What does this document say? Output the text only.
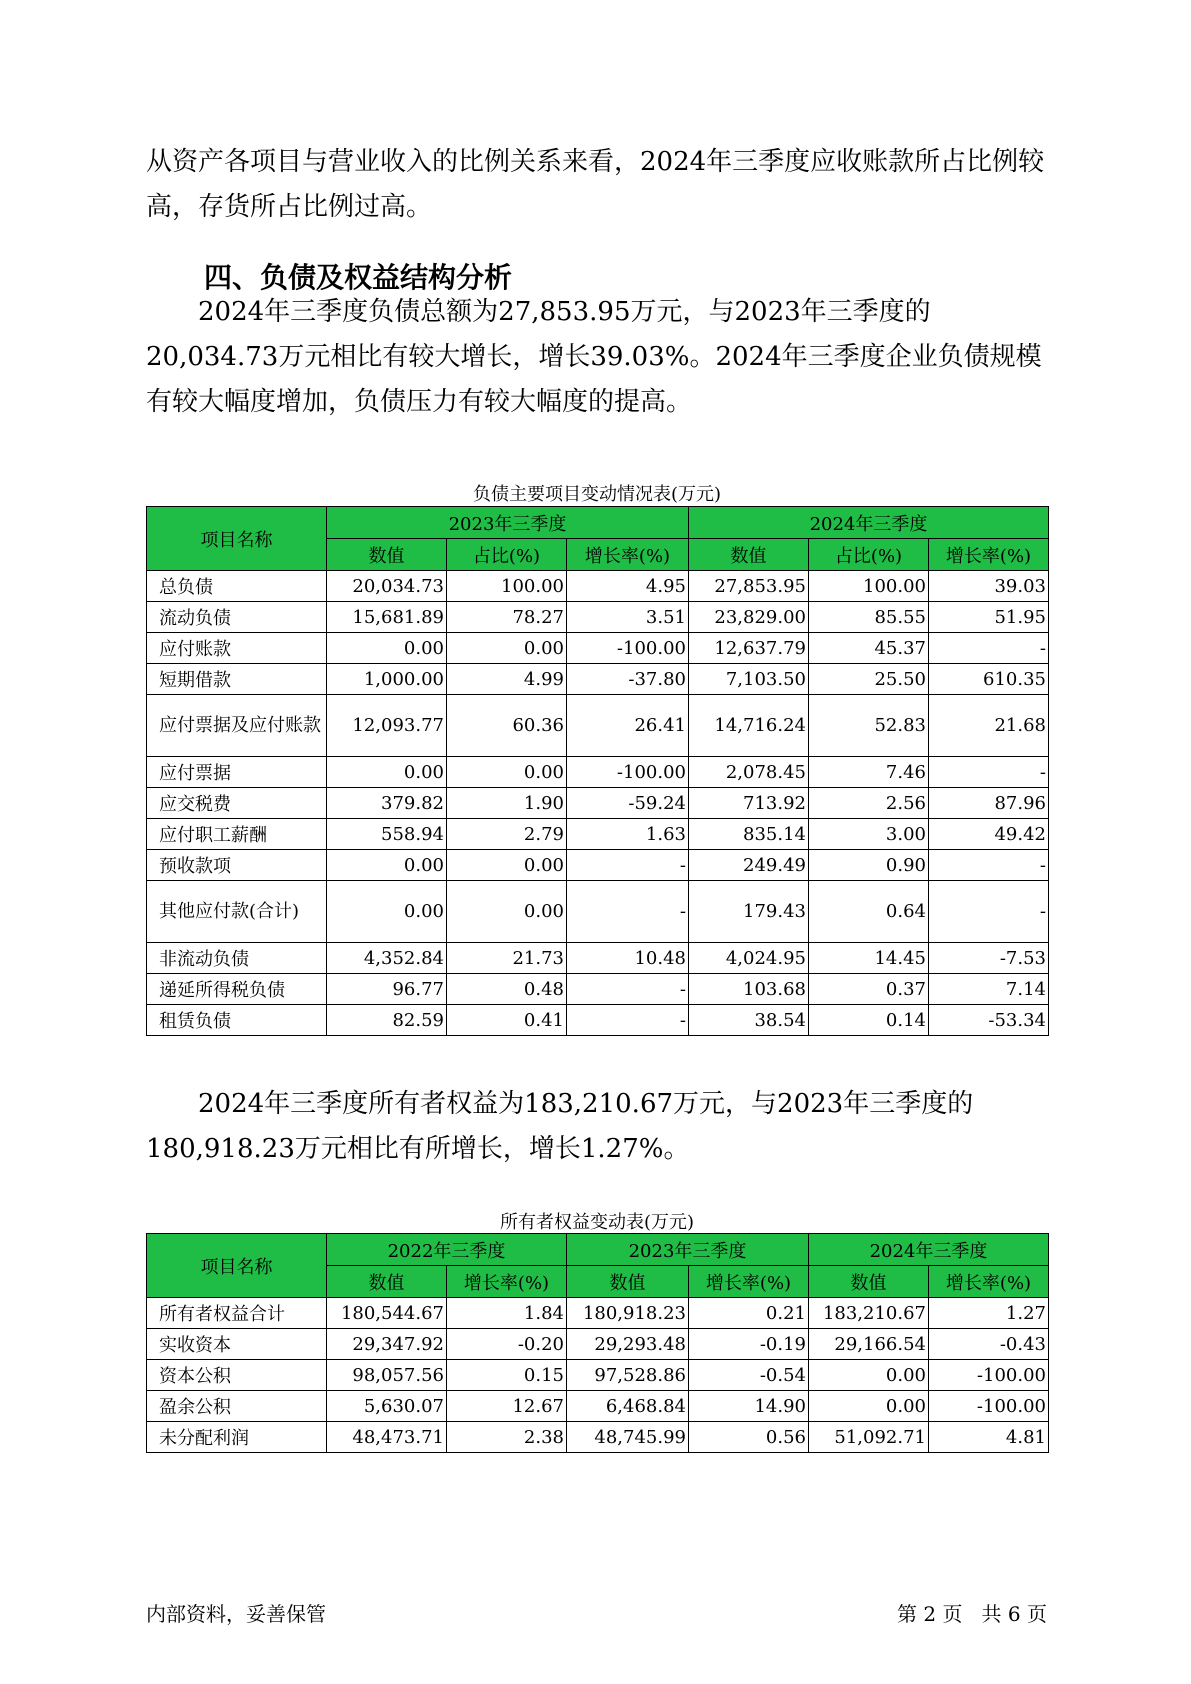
从资产各项目与营业收入的比例关系来看，2024年三季度应收账款所占比例较高，存货所占比例过高。

四、负债及权益结构分析

2024年三季度负债总额为27,853.95万元，与2023年三季度的20,034.73万元相比有较大增长，增长39.03%。2024年三季度企业负债规模有较大幅度增加，负债压力有较大幅度的提高。

负债主要项目变动情况表(万元)
项目名称	2023年三季度			2024年三季度		
	数值	占比(%)	增长率(%)	数值	占比(%)	增长率(%)
总负债	20,034.73	100.00	4.95	27,853.95	100.00	39.03
流动负债	15,681.89	78.27	3.51	23,829.00	85.55	51.95
应付账款	0.00	0.00	-100.00	12,637.79	45.37	-
短期借款	1,000.00	4.99	-37.80	7,103.50	25.50	610.35
应付票据及应付账款	12,093.77	60.36	26.41	14,716.24	52.83	21.68
应付票据	0.00	0.00	-100.00	2,078.45	7.46	-
应交税费	379.82	1.90	-59.24	713.92	2.56	87.96
应付职工薪酬	558.94	2.79	1.63	835.14	3.00	49.42
预收款项	0.00	0.00	-	249.49	0.90	-
其他应付款(合计)	0.00	0.00	-	179.43	0.64	-
非流动负债	4,352.84	21.73	10.48	4,024.95	14.45	-7.53
递延所得税负债	96.77	0.48	-	103.68	0.37	7.14
租赁负债	82.59	0.41	-	38.54	0.14	-53.34

2024年三季度所有者权益为183,210.67万元，与2023年三季度的180,918.23万元相比有所增长，增长1.27%。

所有者权益变动表(万元)
项目名称	2022年三季度		2023年三季度		2024年三季度	
	数值	增长率(%)	数值	增长率(%)	数值	增长率(%)
所有者权益合计	180,544.67	1.84	180,918.23	0.21	183,210.67	1.27
实收资本	29,347.92	-0.20	29,293.48	-0.19	29,166.54	-0.43
资本公积	98,057.56	0.15	97,528.86	-0.54	0.00	-100.00
盈余公积	5,630.07	12.67	6,468.84	14.90	0.00	-100.00
未分配利润	48,473.71	2.38	48,745.99	0.56	51,092.71	4.81
内部资料，妥善保管	第 2 页   共 6 页
